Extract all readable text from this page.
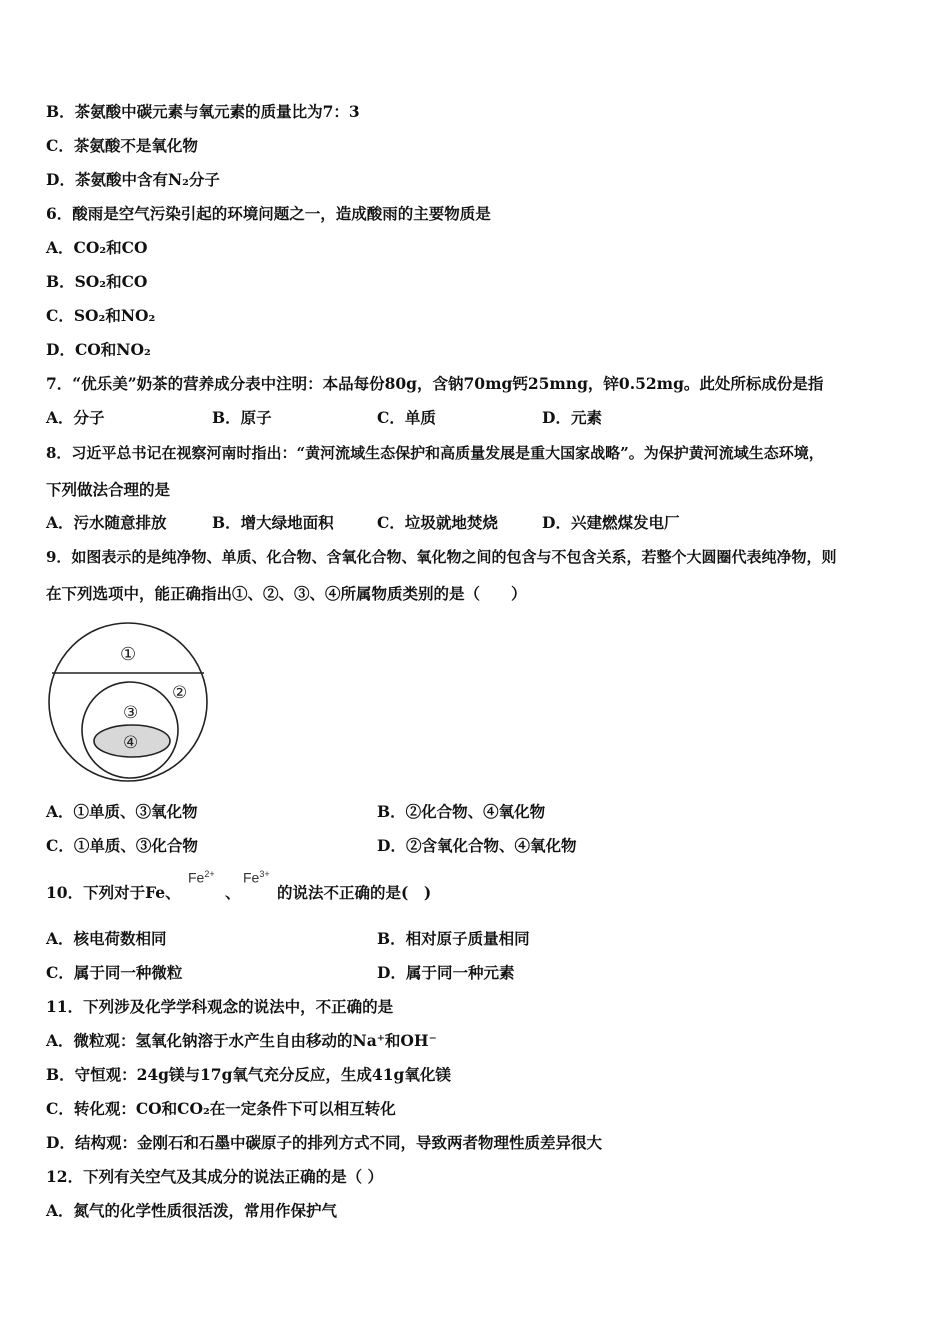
B．茶氨酸中碳元素与氧元素的质量比为7：3
C．茶氨酸不是氧化物
D．茶氨酸中含有N₂分子
6．酸雨是空气污染引起的环境问题之一，造成酸雨的主要物质是
A．CO₂和CO
B．SO₂和CO
C．SO₂和NO₂
D．CO和NO₂
7．“优乐美”奶茶的营养成分表中注明：本品每份80g，含钠70mg钙25mng，锌0.52mg。此处所标成份是指
A．分子	B．原子	C．单质	D．元素
8．习近平总书记在视察河南时指出：“黄河流域生态保护和高质量发展是重大国家战略”。为保护黄河流域生态环境，
下列做法合理的是
A．污水随意排放	B．增大绿地面积	C．垃圾就地焚烧	D．兴建燃煤发电厂
9．如图表示的是纯净物、单质、化合物、含氧化合物、氧化物之间的包含与不包含关系，若整个大圆圈代表纯净物，则
在下列选项中，能正确指出①、②、③、④所属物质类别的是（　　）
①
②
③
④
A．①单质、③氧化物	B．②化合物、④氧化物
C．①单质、③化合物	D．②含氧化合物、④氧化物
10．下列对于Fe、
$Fe^{2+}$
、
$Fe^{3+}$
的说法不正确的是(　)
A．核电荷数相同	B．相对原子质量相同
C．属于同一种微粒	D．属于同一种元素
11．下列涉及化学学科观念的说法中，不正确的是
A．微粒观：氢氧化钠溶于水产生自由移动的Na⁺和OH⁻
B．守恒观：24g镁与17g氧气充分反应，生成41g氧化镁
C．转化观：CO和CO₂在一定条件下可以相互转化
D．结构观：金刚石和石墨中碳原子的排列方式不同，导致两者物理性质差异很大
12．下列有关空气及其成分的说法正确的是（ ）
A．氮气的化学性质很活泼，常用作保护气
